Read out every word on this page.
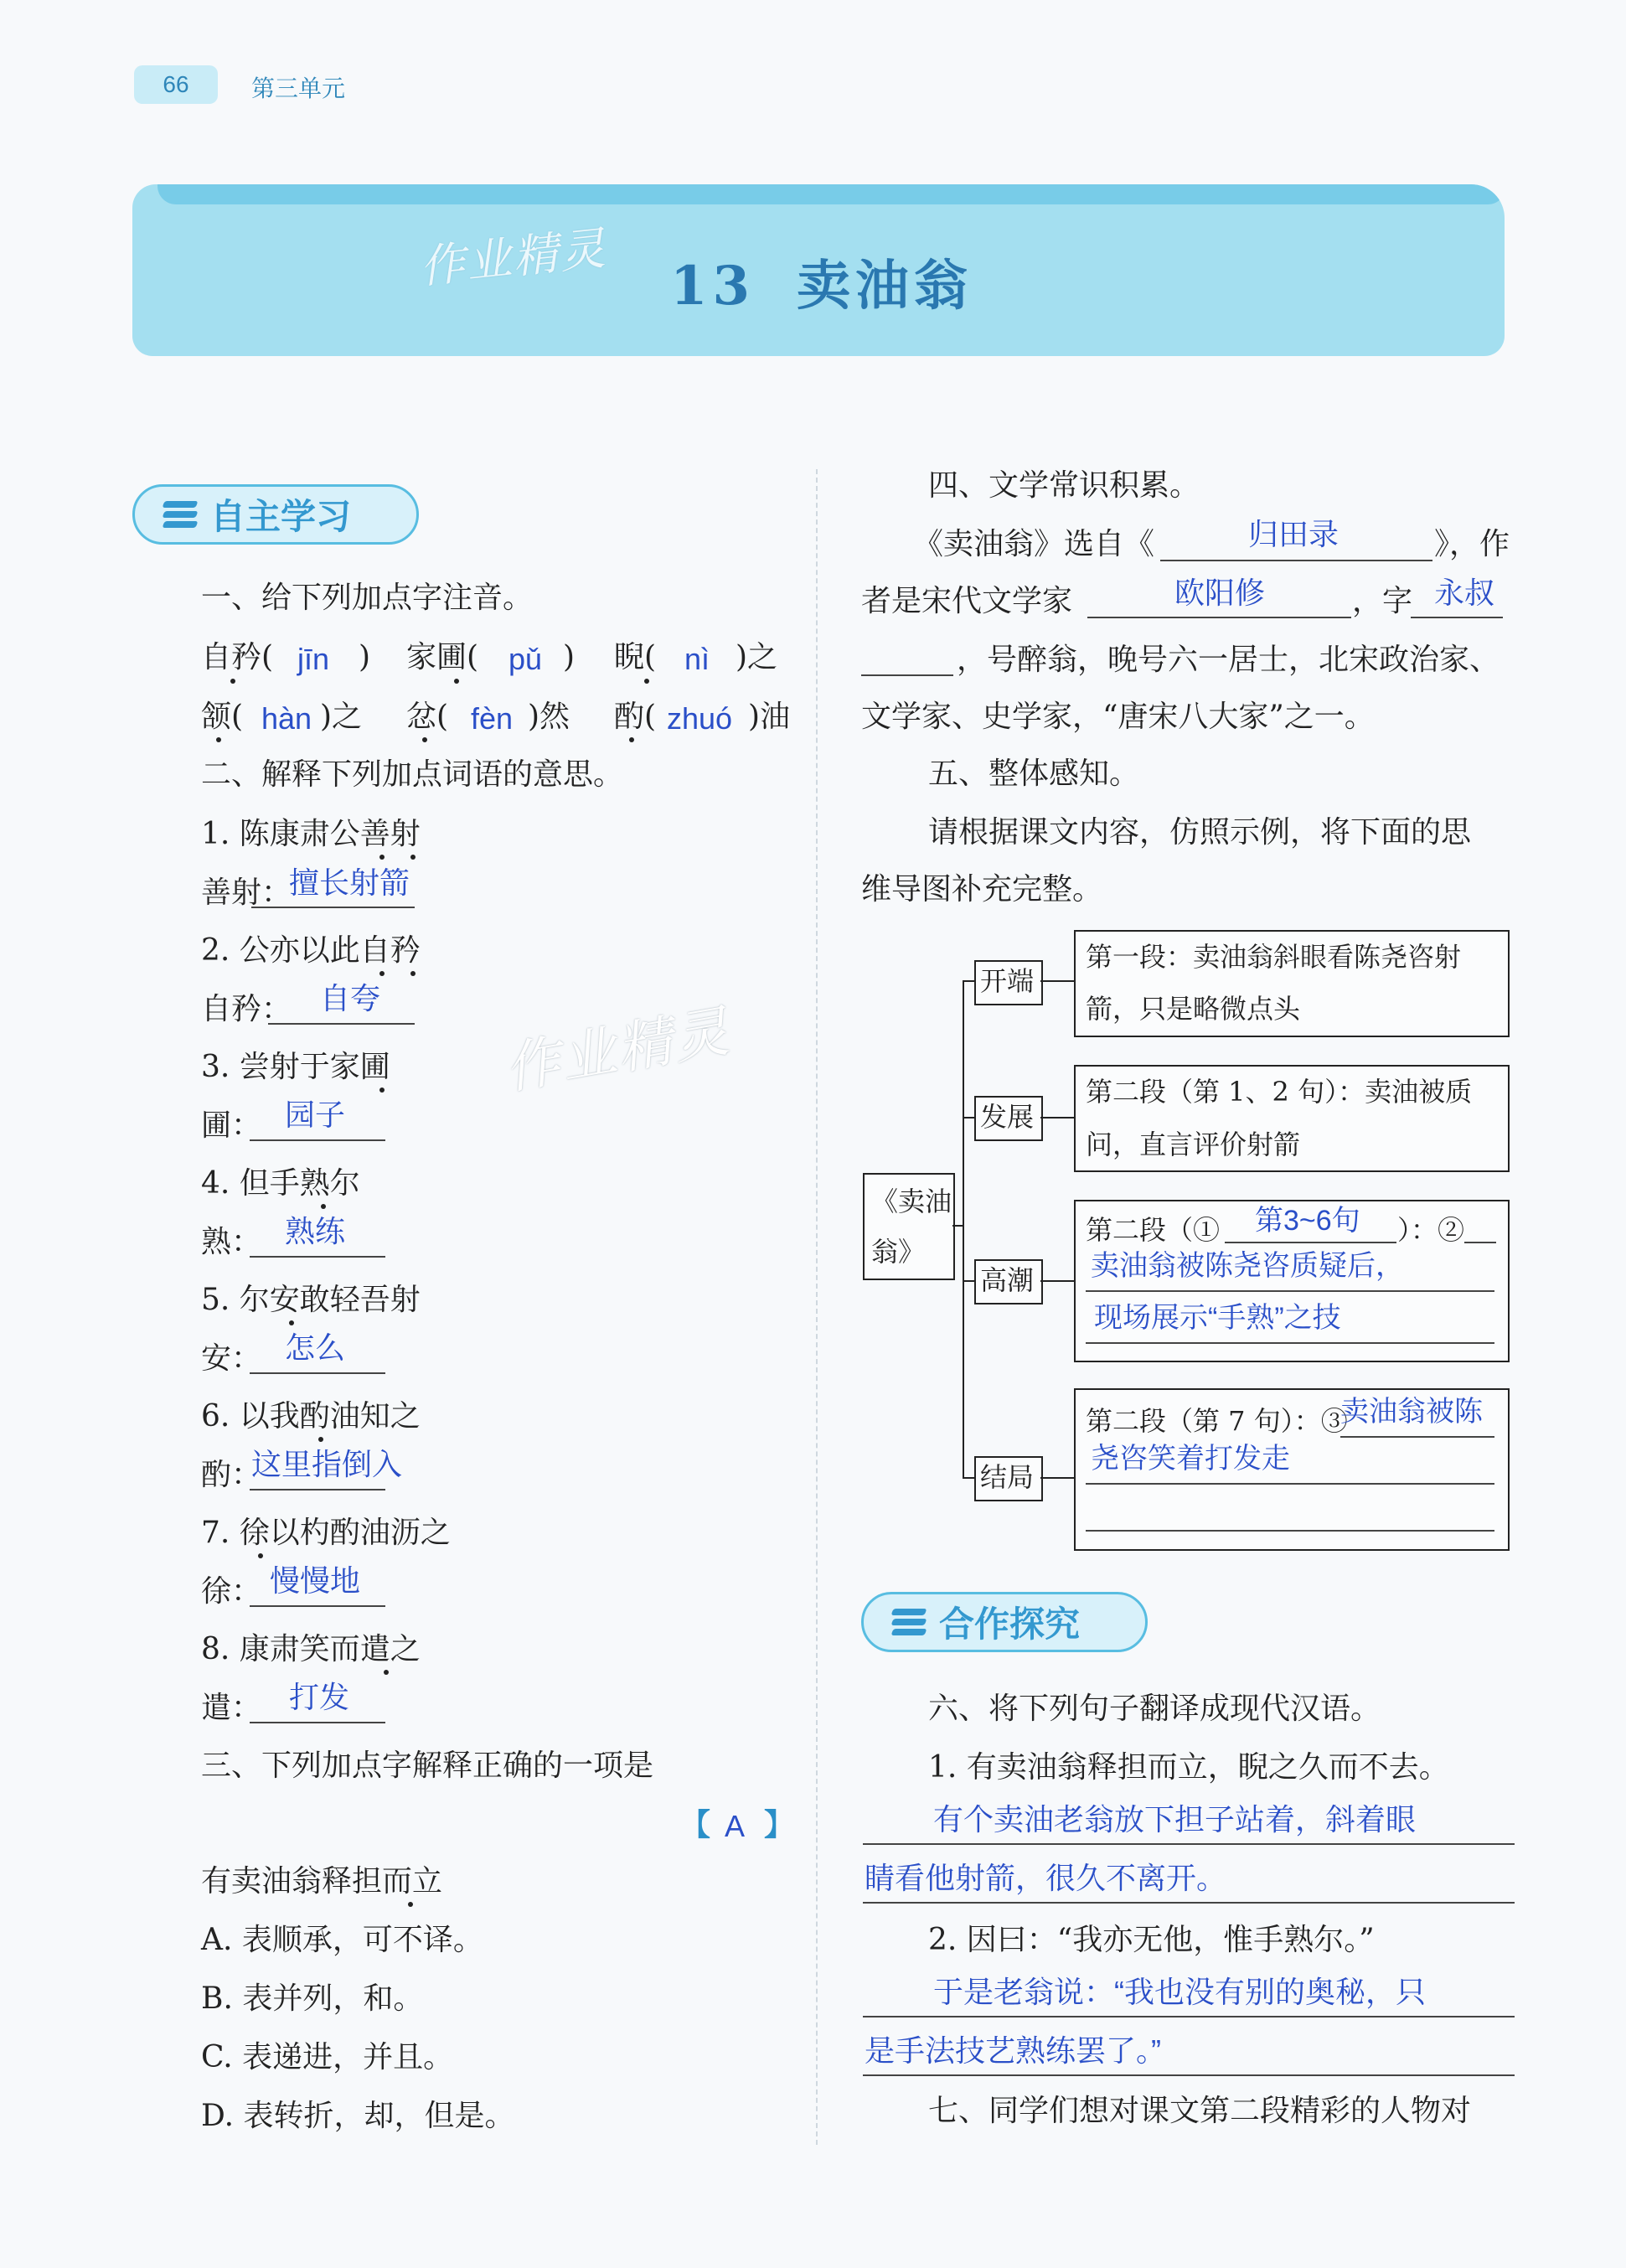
66	第三单元
作业精灵 13 卖油翁
自主学习
一、给下列加点字注音。
自矜( jīn ) 家圃( pǔ ) 睨( nì )之
颔( hàn )之 忿( fèn )然 酌( zhuó )油
二、解释下列加点词语的意思。
1. 陈康肃公善射
善射：
擅长射箭
2. 公亦以此自矜
自矜： 自夸
3. 尝射于家圃
圃： 园子
4. 但手熟尔
熟： 熟练
5. 尔安敢轻吾射
安： 怎么
6. 以我酌油知之
酌：
这里指倒入
7. 徐以杓酌油沥之
徐： 慢慢地
8. 康肃笑而遣之
遣： 打发
三、下列加点字解释正确的一项是
【 A 】
有卖油翁释担而立
A. 表顺承，可不译。
B. 表并列，和。
C. 表递进，并且。
D. 表转折，却，但是。
作业精灵
四、文学常识积累。
《卖油翁》选自《	归田录	》，作
者是宋代文学家	欧阳修	，字 永叔
，号醉翁，晚号六一居士，北宋政治家、
文学家、史学家，“唐宋八大家”之一。
五、整体感知。
请根据课文内容，仿照示例，将下面的思
维导图补充完整。
《卖油
翁》
开端
第一段：卖油翁斜眼看陈尧咨射
箭，只是略微点头
发展
第二段（第 1、2 句）：卖油被质
问，直言评价射箭
高潮
第二段（① 第3~6句 ）：②
卖油翁被陈尧咨质疑后，
现场展示“手熟”之技
结局
第二段（第 7 句）：③
卖油翁被陈
尧咨笑着打发走
合作探究
六、将下列句子翻译成现代汉语。
1. 有卖油翁释担而立，睨之久而不去。
有个卖油老翁放下担子站着，斜着眼
睛看他射箭，很久不离开。
2. 因曰：“我亦无他，惟手熟尔。”
于是老翁说：“我也没有别的奥秘，只
是手法技艺熟练罢了。”
七、同学们想对课文第二段精彩的人物对
